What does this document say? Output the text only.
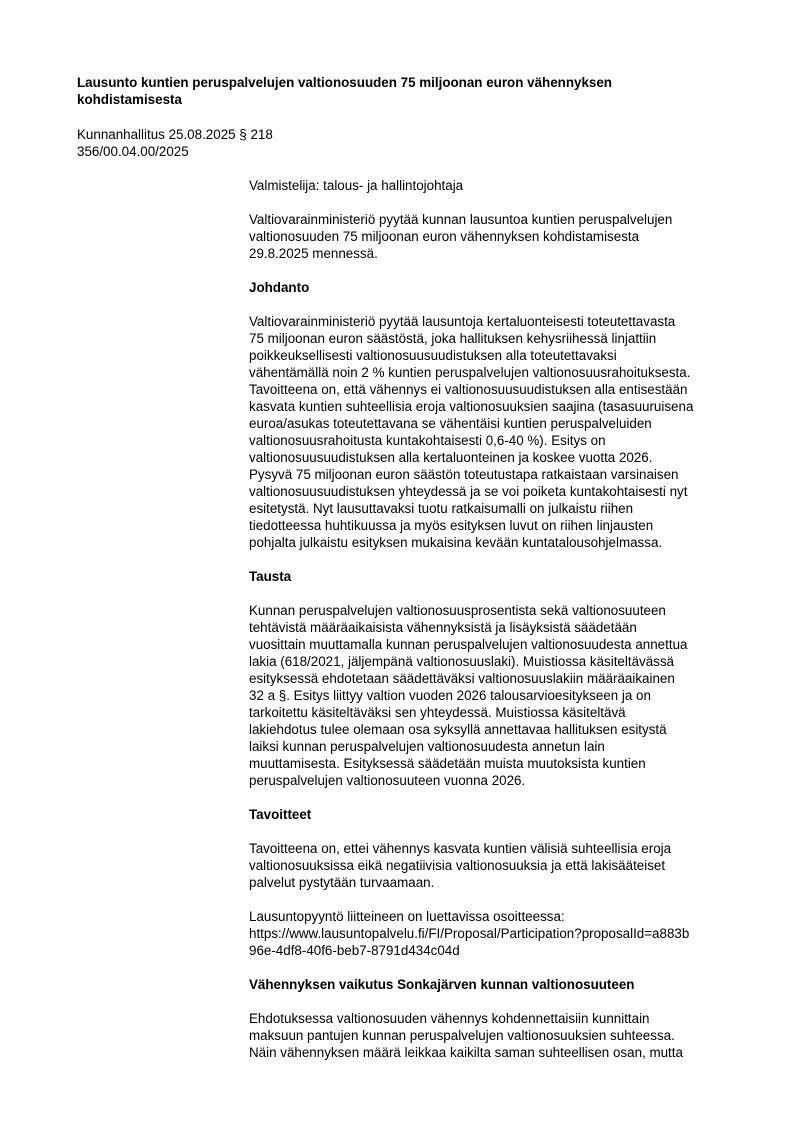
Lausunto kuntien peruspalvelujen valtionosuuden 75 miljoonan euron vähennyksen
kohdistamisesta
Kunnanhallitus 25.08.2025 § 218
356/00.04.00/2025
Valmistelija: talous- ja hallintojohtaja
Valtiovarainministeriö pyytää kunnan lausuntoa kuntien peruspalvelujen
valtionosuuden 75 miljoonan euron vähennyksen kohdistamisesta
29.8.2025 mennessä.
Johdanto
Valtiovarainministeriö pyytää lausuntoja kertaluonteisesti toteutettavasta
75 miljoonan euron säästöstä, joka hallituksen kehysriihessä linjattiin
poikkeuksellisesti valtionosuusuudistuksen alla toteutettavaksi
vähentämällä noin 2 % kuntien peruspalvelujen valtionosuusrahoituksesta.
Tavoitteena on, että vähennys ei valtionosuusuudistuksen alla entisestään
kasvata kuntien suhteellisia eroja valtionosuuksien saajina (tasasuuruisena
euroa/asukas toteutettavana se vähentäisi kuntien peruspalveluiden
valtionosuusrahoitusta kuntakohtaisesti 0,6-40 %). Esitys on
valtionosuusuudistuksen alla kertaluonteinen ja koskee vuotta 2026.
Pysyvä 75 miljoonan euron säästön toteutustapa ratkaistaan varsinaisen
valtionosuusuudistuksen yhteydessä ja se voi poiketa kuntakohtaisesti nyt
esitetystä. Nyt lausuttavaksi tuotu ratkaisumalli on julkaistu riihen
tiedotteessa huhtikuussa ja myös esityksen luvut on riihen linjausten
pohjalta julkaistu esityksen mukaisina kevään kuntatalousohjelmassa.
Tausta
Kunnan peruspalvelujen valtionosuusprosentista sekä valtionosuuteen
tehtävistä määräaikaisista vähennyksistä ja lisäyksistä säädetään
vuosittain muuttamalla kunnan peruspalvelujen valtionosuudesta annettua
lakia (618/2021, jäljempänä valtionosuuslaki). Muistiossa käsiteltävässä
esityksessä ehdotetaan säädettäväksi valtionosuuslakiin määräaikainen
32 a §. Esitys liittyy valtion vuoden 2026 talousarvioesitykseen ja on
tarkoitettu käsiteltäväksi sen yhteydessä. Muistiossa käsiteltävä
lakiehdotus tulee olemaan osa syksyllä annettavaa hallituksen esitystä
laiksi kunnan peruspalvelujen valtionosuudesta annetun lain
muuttamisesta. Esityksessä säädetään muista muutoksista kuntien
peruspalvelujen valtionosuuteen vuonna 2026.
Tavoitteet
Tavoitteena on, ettei vähennys kasvata kuntien välisiä suhteellisia eroja
valtionosuuksissa eikä negatiivisia valtionosuuksia ja että lakisääteiset
palvelut pystytään turvaamaan.
Lausuntopyyntö liitteineen on luettavissa osoitteessa:
https://www.lausuntopalvelu.fi/FI/Proposal/Participation?proposalId=a883b
96e-4df8-40f6-beb7-8791d434c04d
Vähennyksen vaikutus Sonkajärven kunnan valtionosuuteen
Ehdotuksessa valtionosuuden vähennys kohdennettaisiin kunnittain
maksuun pantujen kunnan peruspalvelujen valtionosuuksien suhteessa.
Näin vähennyksen määrä leikkaa kaikilta saman suhteellisen osan, mutta
